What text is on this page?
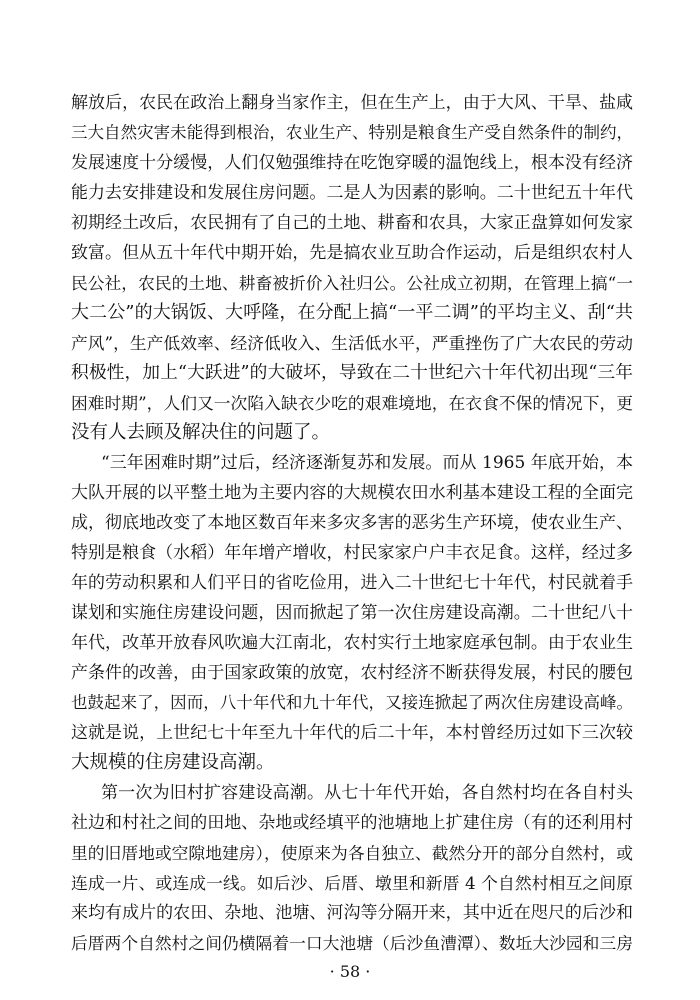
解放后，农民在政治上翻身当家作主，但在生产上，由于大风、干旱、盐咸
三大自然灾害未能得到根治，农业生产、特别是粮食生产受自然条件的制约，
发展速度十分缓慢，人们仅勉强维持在吃饱穿暖的温饱线上，根本没有经济
能力去安排建设和发展住房问题。二是人为因素的影响。二十世纪五十年代
初期经土改后，农民拥有了自己的土地、耕畜和农具，大家正盘算如何发家
致富。但从五十年代中期开始，先是搞农业互助合作运动，后是组织农村人
民公社，农民的土地、耕畜被折价入社归公。公社成立初期，在管理上搞“一
大二公”的大锅饭、大呼隆，在分配上搞“一平二调”的平均主义、刮“共
产风”，生产低效率、经济低收入、生活低水平，严重挫伤了广大农民的劳动
积极性，加上“大跃进”的大破坏，导致在二十世纪六十年代初出现“三年
困难时期”，人们又一次陷入缺衣少吃的艰难境地，在衣食不保的情况下，更
没有人去顾及解决住的问题了。
“三年困难时期”过后，经济逐渐复苏和发展。而从 1965 年底开始，本
大队开展的以平整土地为主要内容的大规模农田水利基本建设工程的全面完
成，彻底地改变了本地区数百年来多灾多害的恶劣生产环境，使农业生产、
特别是粮食（水稻）年年增产增收，村民家家户户丰衣足食。这样，经过多
年的劳动积累和人们平日的省吃俭用，进入二十世纪七十年代，村民就着手
谋划和实施住房建设问题，因而掀起了第一次住房建设高潮。二十世纪八十
年代，改革开放春风吹遍大江南北，农村实行土地家庭承包制。由于农业生
产条件的改善，由于国家政策的放宽，农村经济不断获得发展，村民的腰包
也鼓起来了，因而，八十年代和九十年代，又接连掀起了两次住房建设高峰。
这就是说，上世纪七十年至九十年代的后二十年，本村曾经历过如下三次较
大规模的住房建设高潮。
第一次为旧村扩容建设高潮。从七十年代开始，各自然村均在各自村头
社边和村社之间的田地、杂地或经填平的池塘地上扩建住房（有的还利用村
里的旧厝地或空隙地建房），使原来为各自独立、截然分开的部分自然村，或
连成一片、或连成一线。如后沙、后厝、墩里和新厝 4 个自然村相互之间原
来均有成片的农田、杂地、池塘、河沟等分隔开来，其中近在咫尺的后沙和
后厝两个自然村之间仍横隔着一口大池塘（后沙鱼漕潭）、数坵大沙园和三房
· 58 ·
